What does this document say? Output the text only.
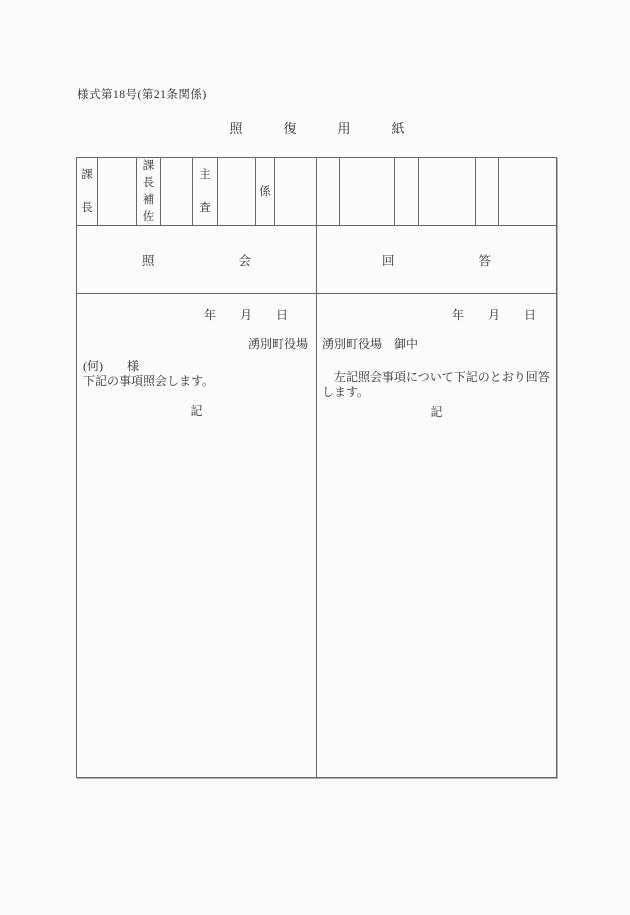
様式第18号(第21条関係)
照復用紙
課
長
課
長
補
佐
主
査
係
照会	回答
年　月　日
湧別町役場
(何)　　様
下記の事項照会します。
記
年　月　日
湧別町役場　御中
左記照会事項について下記のとおり回答します。
記
